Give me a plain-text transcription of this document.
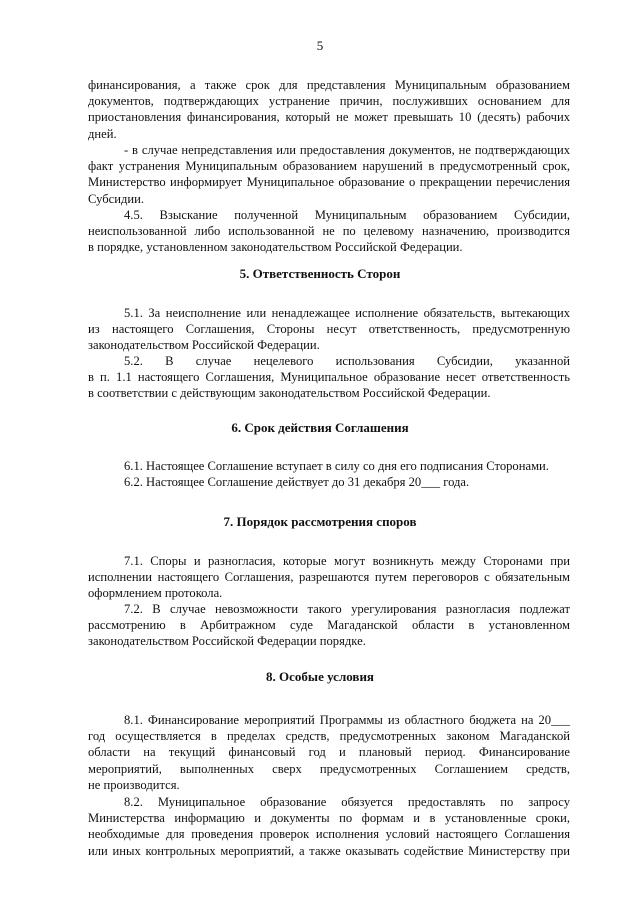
5
финансирования, а также срок для представления Муниципальным образованием
документов, подтверждающих устранение причин, послуживших основанием для
приостановления финансирования, который не может превышать 10 (десять) рабочих
дней.
- в случае непредставления или предоставления документов, не подтверждающих
факт устранения Муниципальным образованием нарушений в предусмотренный срок,
Министерство информирует Муниципальное образование о прекращении перечисления
Субсидии.
4.5. Взыскание полученной Муниципальным образованием Субсидии,
неиспользованной либо использованной не по целевому назначению, производится
в порядке, установленном законодательством Российской Федерации.
5. Ответственность Сторон
5.1. За неисполнение или ненадлежащее исполнение обязательств, вытекающих
из настоящего Соглашения, Стороны несут ответственность, предусмотренную
законодательством Российской Федерации.
5.2. В случае нецелевого использования Субсидии, указанной
в п. 1.1 настоящего Соглашения, Муниципальное образование несет ответственность
в соответствии с действующим законодательством Российской Федерации.
6. Срок действия Соглашения
6.1. Настоящее Соглашение вступает в силу со дня его подписания Сторонами.
6.2. Настоящее Соглашение действует до 31 декабря 20___ года.
7. Порядок рассмотрения споров
7.1. Споры и разногласия, которые могут возникнуть между Сторонами при
исполнении настоящего Соглашения, разрешаются путем переговоров с обязательным
оформлением протокола.
7.2. В случае невозможности такого урегулирования разногласия подлежат
рассмотрению в Арбитражном суде Магаданской области в установленном
законодательством Российской Федерации порядке.
8. Особые условия
8.1. Финансирование мероприятий Программы из областного бюджета на 20___
год осуществляется в пределах средств, предусмотренных законом Магаданской
области на текущий финансовый год и плановый период. Финансирование
мероприятий, выполненных сверх предусмотренных Соглашением средств,
не производится.
8.2. Муниципальное образование обязуется предоставлять по запросу
Министерства информацию и документы по формам и в установленные сроки,
необходимые для проведения проверок исполнения условий настоящего Соглашения
или иных контрольных мероприятий, а также оказывать содействие Министерству при
